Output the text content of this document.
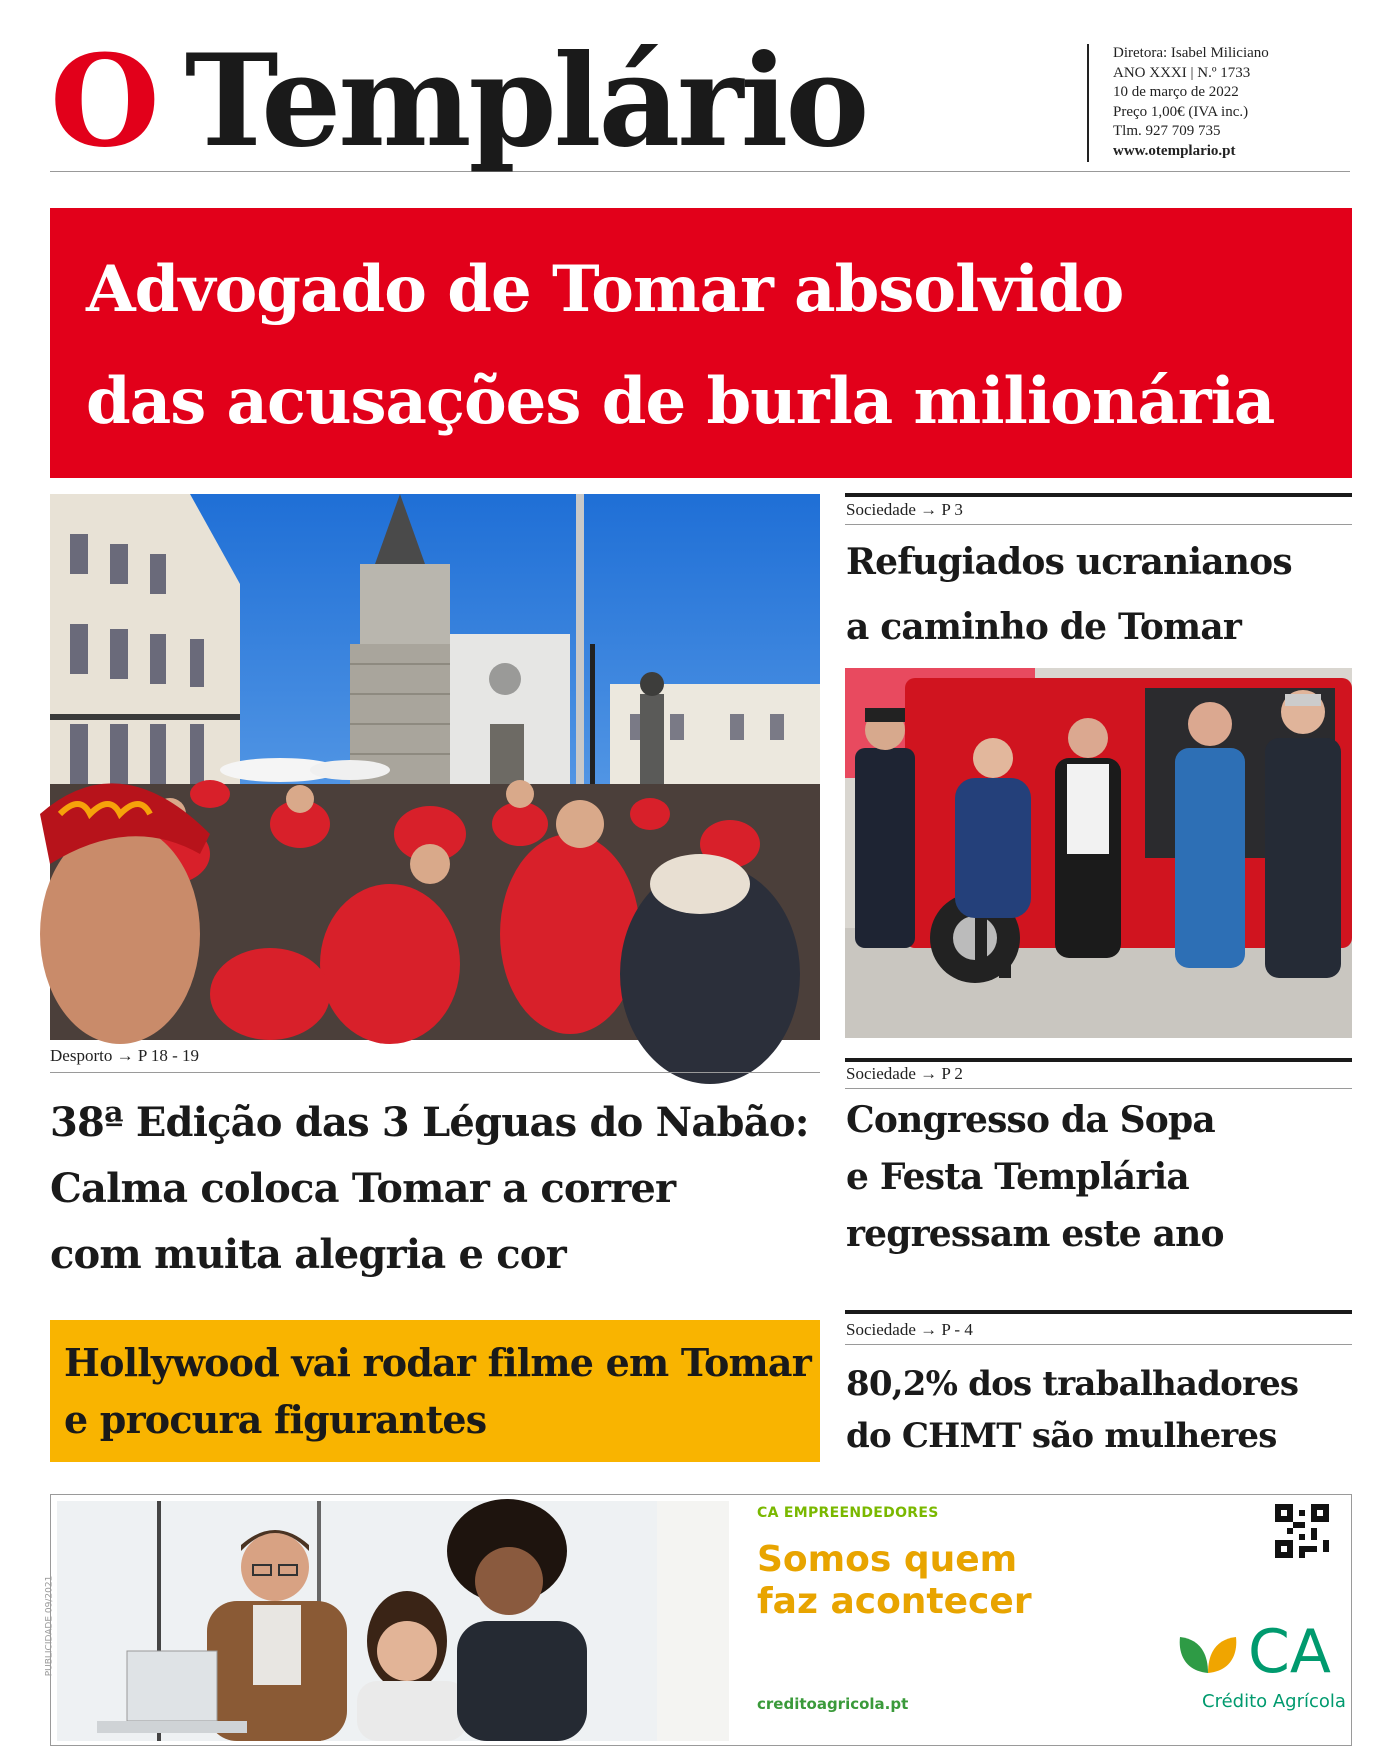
O Templário	Diretora: Isabel Miliciano
ANO XXXI | N.º 1733
10 de março de 2022
Preço 1,00€ (IVA inc.)
Tlm. 927 709 735
www.otemplario.pt
Advogado de Tomar absolvido
das acusações de burla milionária
Desporto → P 18 - 19
38ª Edição das 3 Léguas do Nabão:
Calma coloca Tomar a correr
com muita alegria e cor
Hollywood vai rodar filme em Tomar
e procura figurantes
Sociedade → P 3
Refugiados ucranianos
a caminho de Tomar
Sociedade → P 2
Congresso da Sopa
e Festa Templária
regressam este ano
Sociedade → P - 4
80,2% dos trabalhadores
do CHMT são mulheres
PUBLICIDADE 09/2021
CA EMPREENDEDORES
Somos quem
faz acontecer
creditoagricola.pt
CA
Crédito Agrícola
